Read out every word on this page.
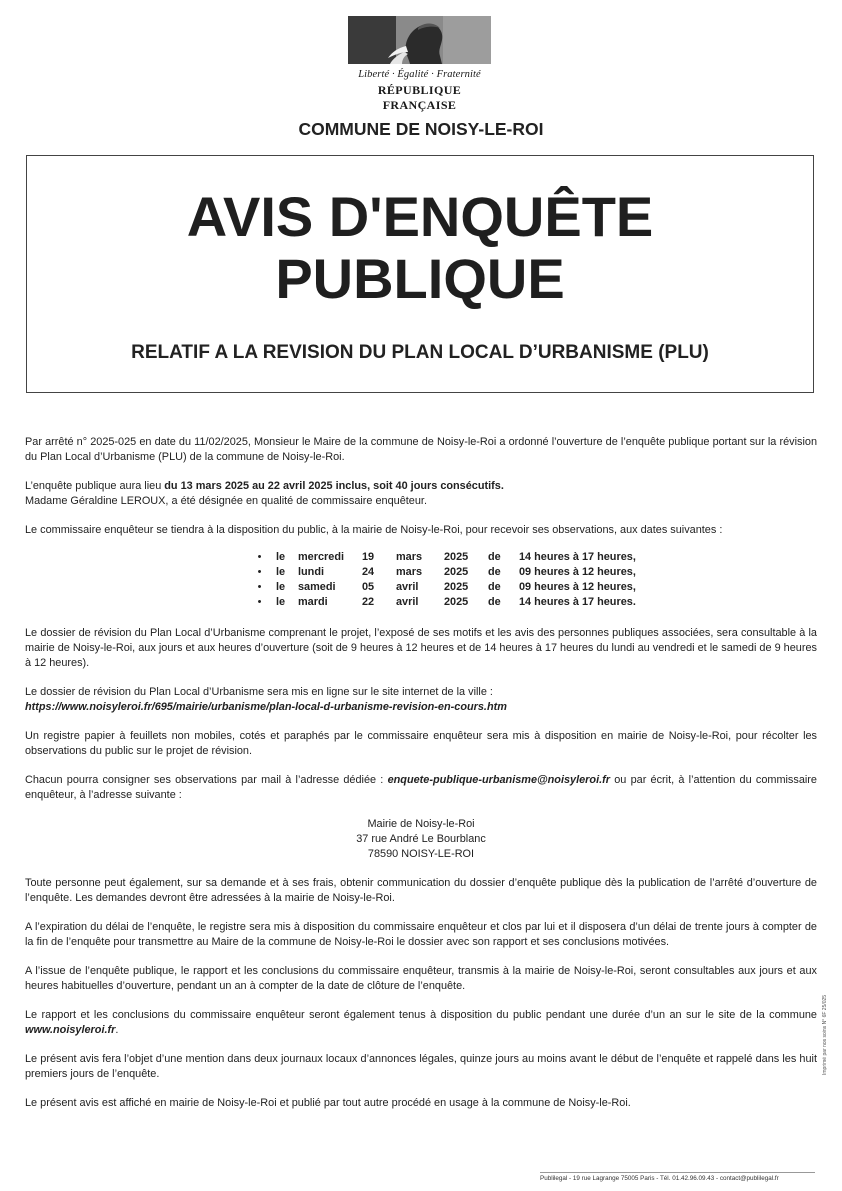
Liberté · Égalité · Fraternité
RÉPUBLIQUE FRANÇAISE
COMMUNE DE NOISY-LE-ROI
AVIS D'ENQUÊTE
PUBLIQUE
RELATIF A LA REVISION DU PLAN LOCAL D’URBANISME (PLU)

Par arrêté n° 2025-025 en date du 11/02/2025, Monsieur le Maire de la commune de Noisy-le-Roi a ordonné l’ouverture de l’enquête publique portant sur la révision du Plan Local d’Urbanisme (PLU) de la commune de Noisy-le-Roi.

L’enquête publique aura lieu du 13 mars 2025 au 22 avril 2025 inclus, soit 40 jours consécutifs.
Madame Géraldine LEROUX, a été désignée en qualité de commissaire enquêteur.

Le commissaire enquêteur se tiendra à la disposition du public, à la mairie de Noisy-le-Roi, pour recevoir ses observations, aux dates suivantes :

•	le	mercredi	19	mars	2025	de	14 heures à 17 heures,
•	le	lundi	24	mars	2025	de	09 heures à 12 heures,
•	le	samedi	05	avril	2025	de	09 heures à 12 heures,
•	le	mardi	22	avril	2025	de	14 heures à 17 heures.

Le dossier de révision du Plan Local d’Urbanisme comprenant le projet, l’exposé de ses motifs et les avis des personnes publiques associées, sera consultable à la mairie de Noisy-le-Roi, aux jours et aux heures d’ouverture (soit de 9 heures à 12 heures et de 14 heures à 17 heures du lundi au vendredi et le samedi de 9 heures à 12 heures).

Le dossier de révision du Plan Local d’Urbanisme sera mis en ligne sur le site internet de la ville :
https://www.noisyleroi.fr/695/mairie/urbanisme/plan-local-d-urbanisme-revision-en-cours.htm

Un registre papier à feuillets non mobiles, cotés et paraphés par le commissaire enquêteur sera mis à disposition en mairie de Noisy-le-Roi, pour récolter les observations du public sur le projet de révision.

Chacun pourra consigner ses observations par mail à l’adresse dédiée : enquete-publique-urbanisme@noisyleroi.fr ou par écrit, à l’attention du commissaire enquêteur, à l’adresse suivante :

Mairie de Noisy-le-Roi
37 rue André Le Bourblanc
78590 NOISY-LE-ROI

Toute personne peut également, sur sa demande et à ses frais, obtenir communication du dossier d’enquête publique dès la publication de l’arrêté d’ouverture de l’enquête. Les demandes devront être adressées à la mairie de Noisy-le-Roi.

A l’expiration du délai de l’enquête, le registre sera mis à disposition du commissaire enquêteur et clos par lui et il disposera d’un délai de trente jours à compter de la fin de l’enquête pour transmettre au Maire de la commune de Noisy-le-Roi le dossier avec son rapport et ses conclusions motivées.

A l’issue de l’enquête publique, le rapport et les conclusions du commissaire enquêteur, transmis à la mairie de Noisy-le-Roi, seront consultables aux jours et aux heures habituelles d’ouverture, pendant un an à compter de la date de clôture de l’enquête.

Le rapport et les conclusions du commissaire enquêteur seront également tenus à disposition du public pendant une durée d’un an sur le site de la commune www.noisyleroi.fr.

Le présent avis fera l’objet d’une mention dans deux journaux locaux d’annonces légales, quinze jours au moins avant le début de l’enquête et rappelé dans les huit premiers jours de l’enquête.

Le présent avis est affiché en mairie de Noisy-le-Roi et publié par tout autre procédé en usage à la commune de Noisy-le-Roi.

Imprimé par nos soins N° 6F 25/025
Publilegal - 19 rue Lagrange 75005 Paris - Tél. 01.42.96.09.43 - contact@publilegal.fr
